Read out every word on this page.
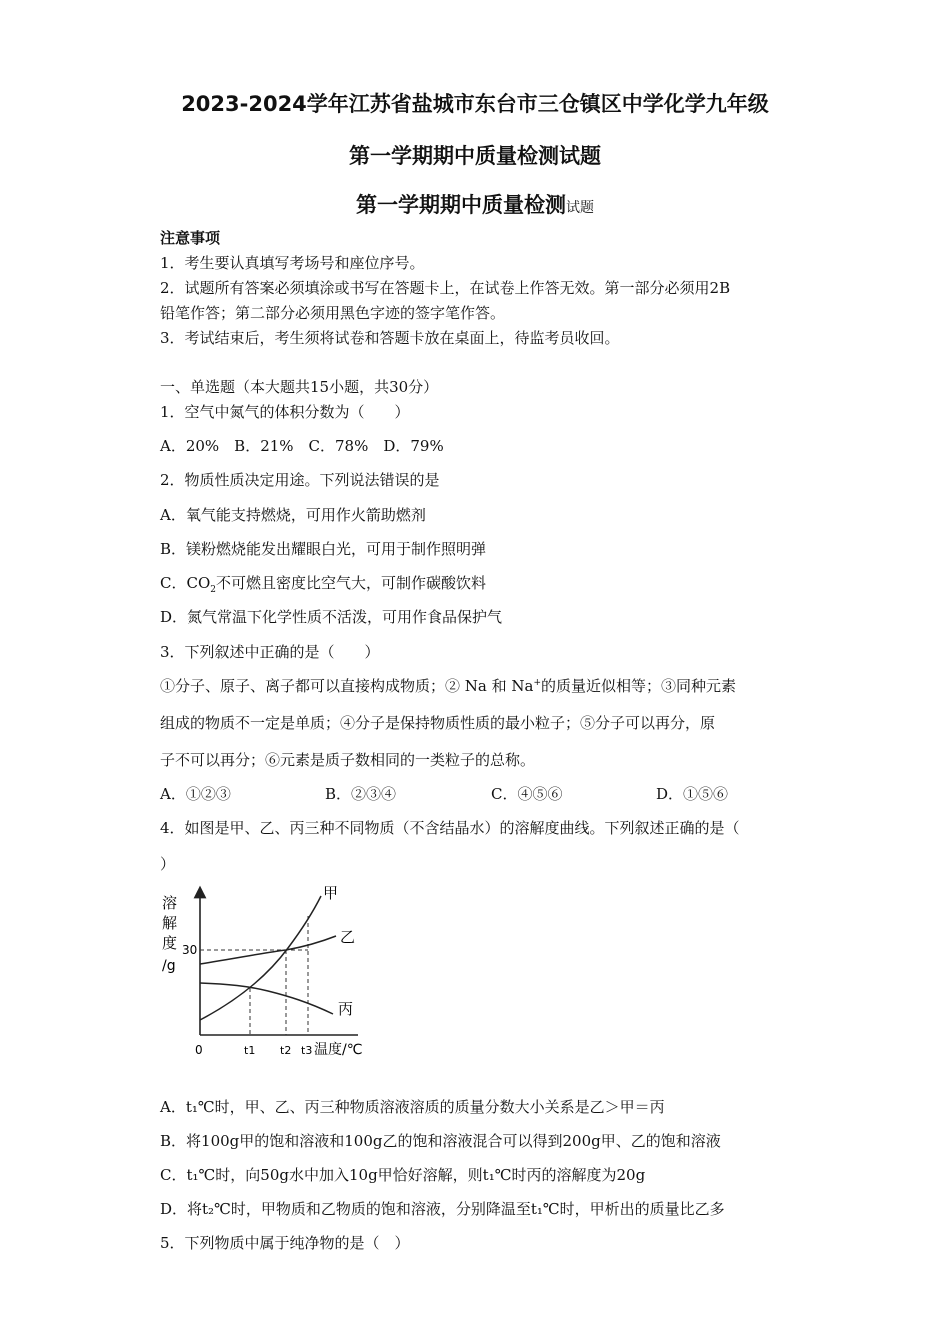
2023-2024学年江苏省盐城市东台市三仓镇区中学化学九年级
第一学期期中质量检测试题
第一学期期中质量检测试题
注意事项
1．考生要认真填写考场号和座位序号。
2．试题所有答案必须填涂或书写在答题卡上，在试卷上作答无效。第一部分必须用2B
铅笔作答；第二部分必须用黑色字迹的签字笔作答。
3．考试结束后，考生须将试卷和答题卡放在桌面上，待监考员收回。
一、单选题（本大题共15小题，共30分）
1．空气中氮气的体积分数为（　　）
A．20%　B．21%　C．78%　D．79%
2．物质性质决定用途。下列说法错误的是
A．氧气能支持燃烧，可用作火箭助燃剂
B．镁粉燃烧能发出耀眼白光，可用于制作照明弹
C．$CO_2$不可燃且密度比空气大，可制作碳酸饮料
D．氮气常温下化学性质不活泼，可用作食品保护气
3．下列叙述中正确的是（　　）
①分子、原子、离子都可以直接构成物质；② Na 和 Na+的质量近似相等；③同种元素
组成的物质不一定是单质；④分子是保持物质性质的最小粒子；⑤分子可以再分，原
子不可以再分；⑥元素是质子数相同的一类粒子的总称。
A．①②③	B．②③④	C．④⑤⑥	D．①⑤⑥
4．如图是甲、乙、丙三种不同物质（不含结晶水）的溶解度曲线。下列叙述正确的是（
）
溶
解
度
/g
30
甲
乙
丙
0	t1 t2 t3 温度/℃
A．t₁℃时，甲、乙、丙三种物质溶液溶质的质量分数大小关系是乙＞甲＝丙
B．将100g甲的饱和溶液和100g乙的饱和溶液混合可以得到200g甲、乙的饱和溶液
C．t₁℃时，向50g水中加入10g甲恰好溶解，则t₁℃时丙的溶解度为20g
D．将t₂℃时，甲物质和乙物质的饱和溶液，分别降温至t₁℃时，甲析出的质量比乙多
5．下列物质中属于纯净物的是（　）
